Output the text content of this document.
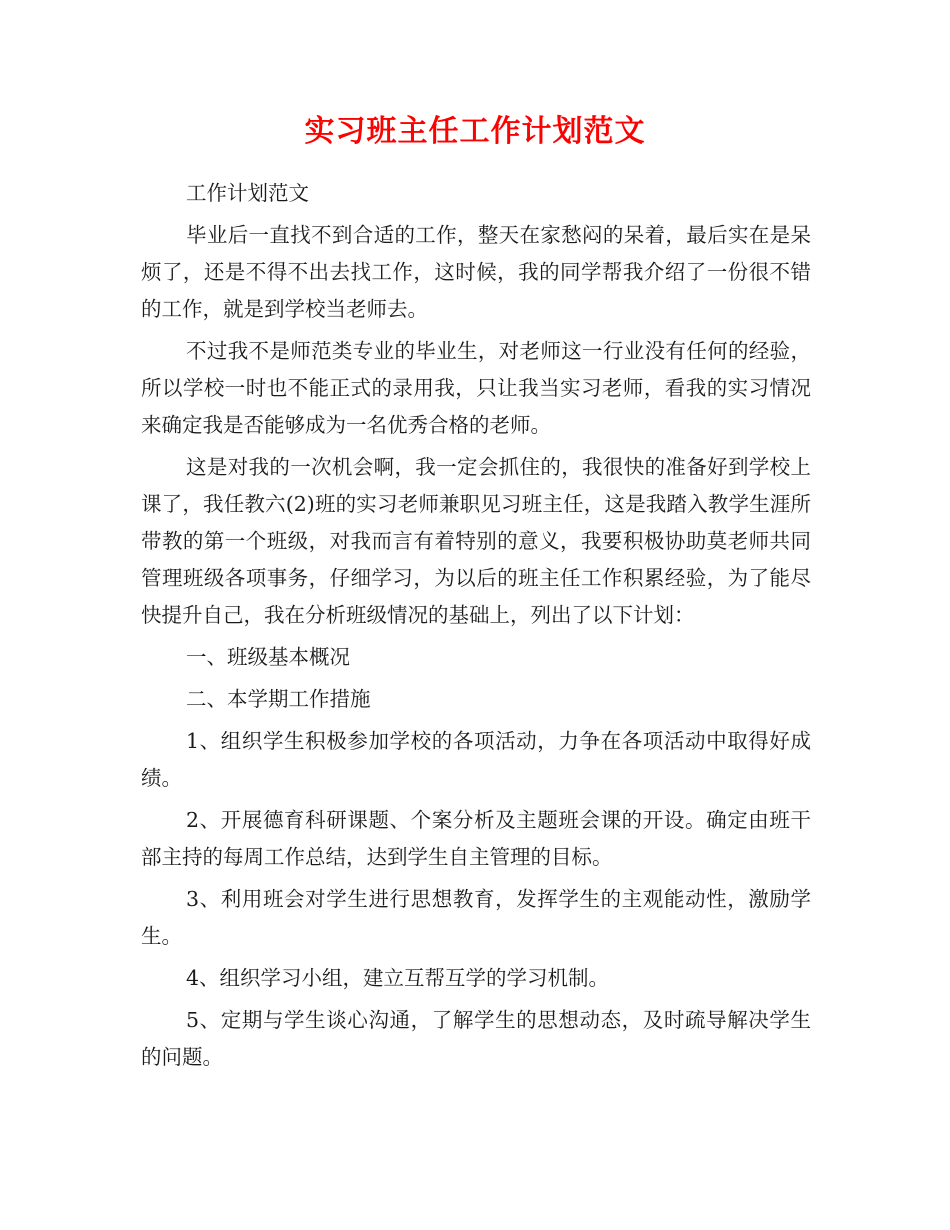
实习班主任工作计划范文

工作计划范文

毕业后一直找不到合适的工作，整天在家愁闷的呆着，最后实在是呆烦了，还是不得不出去找工作，这时候，我的同学帮我介绍了一份很不错的工作，就是到学校当老师去。

不过我不是师范类专业的毕业生，对老师这一行业没有任何的经验，所以学校一时也不能正式的录用我，只让我当实习老师，看我的实习情况来确定我是否能够成为一名优秀合格的老师。

这是对我的一次机会啊，我一定会抓住的，我很快的准备好到学校上课了，我任教六(2)班的实习老师兼职见习班主任，这是我踏入教学生涯所带教的第一个班级，对我而言有着特别的意义，我要积极协助莫老师共同管理班级各项事务，仔细学习，为以后的班主任工作积累经验，为了能尽快提升自己，我在分析班级情况的基础上，列出了以下计划：

一、班级基本概况

二、本学期工作措施

1、组织学生积极参加学校的各项活动，力争在各项活动中取得好成绩。

2、开展德育科研课题、个案分析及主题班会课的开设。确定由班干部主持的每周工作总结，达到学生自主管理的目标。

3、利用班会对学生进行思想教育，发挥学生的主观能动性，激励学生。

4、组织学习小组，建立互帮互学的学习机制。

5、定期与学生谈心沟通，了解学生的思想动态，及时疏导解决学生的问题。
